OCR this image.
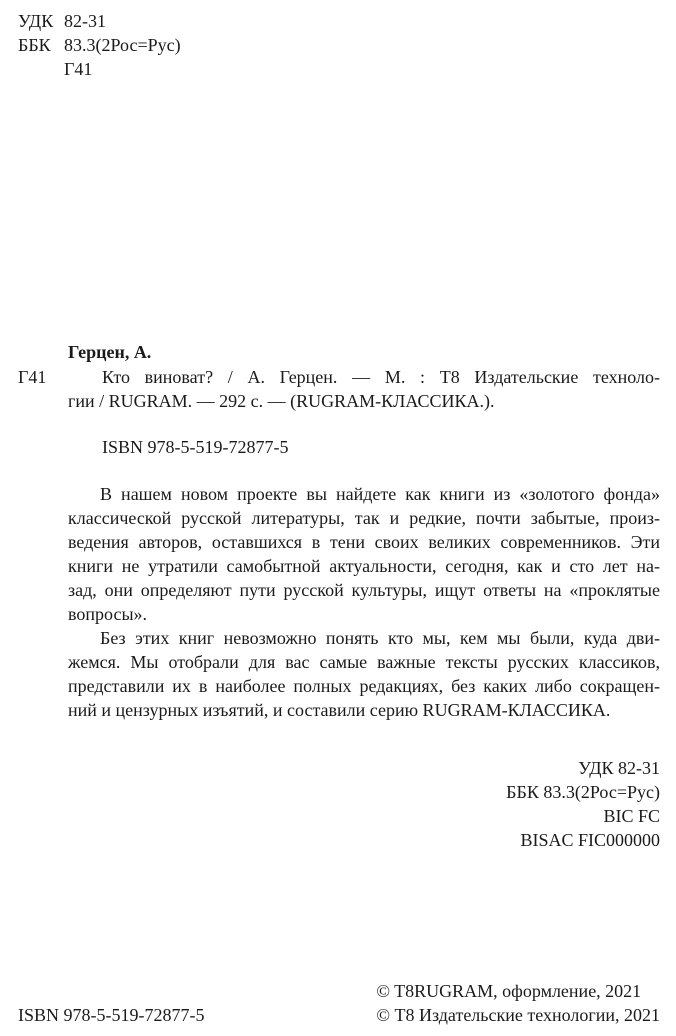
УДК 82-31
ББК 83.3(2Рос=Рус)
Г41
Герцен, А.
Г41	Кто виноват? / А. Герцен. — М. : Т8 Издательские техноло-
гии / RUGRAM. — 292 с. — (RUGRAM-КЛАССИКА.).
ISBN 978-5-519-72877-5
В нашем новом проекте вы найдете как книги из «золотого фонда»
классической русской литературы, так и редкие, почти забытые, произ-
ведения авторов, оставшихся в тени своих великих современников. Эти
книги не утратили самобытной актуальности, сегодня, как и сто лет на-
зад, они определяют пути русской культуры, ищут ответы на «проклятые
вопросы».
Без этих книг невозможно понять кто мы, кем мы были, куда дви-
жемся. Мы отобрали для вас самые важные тексты русских классиков,
представили их в наиболее полных редакциях, без каких либо сокращен-
ний и цензурных изъятий, и составили серию RUGRAM-КЛАССИКА.
УДК 82-31
ББК 83.3(2Рос=Рус)
BIC FC
BISAC FIC000000
ISBN 978-5-519-72877-5
© T8RUGRAM, оформление, 2021
© Т8 Издательские технологии, 2021
